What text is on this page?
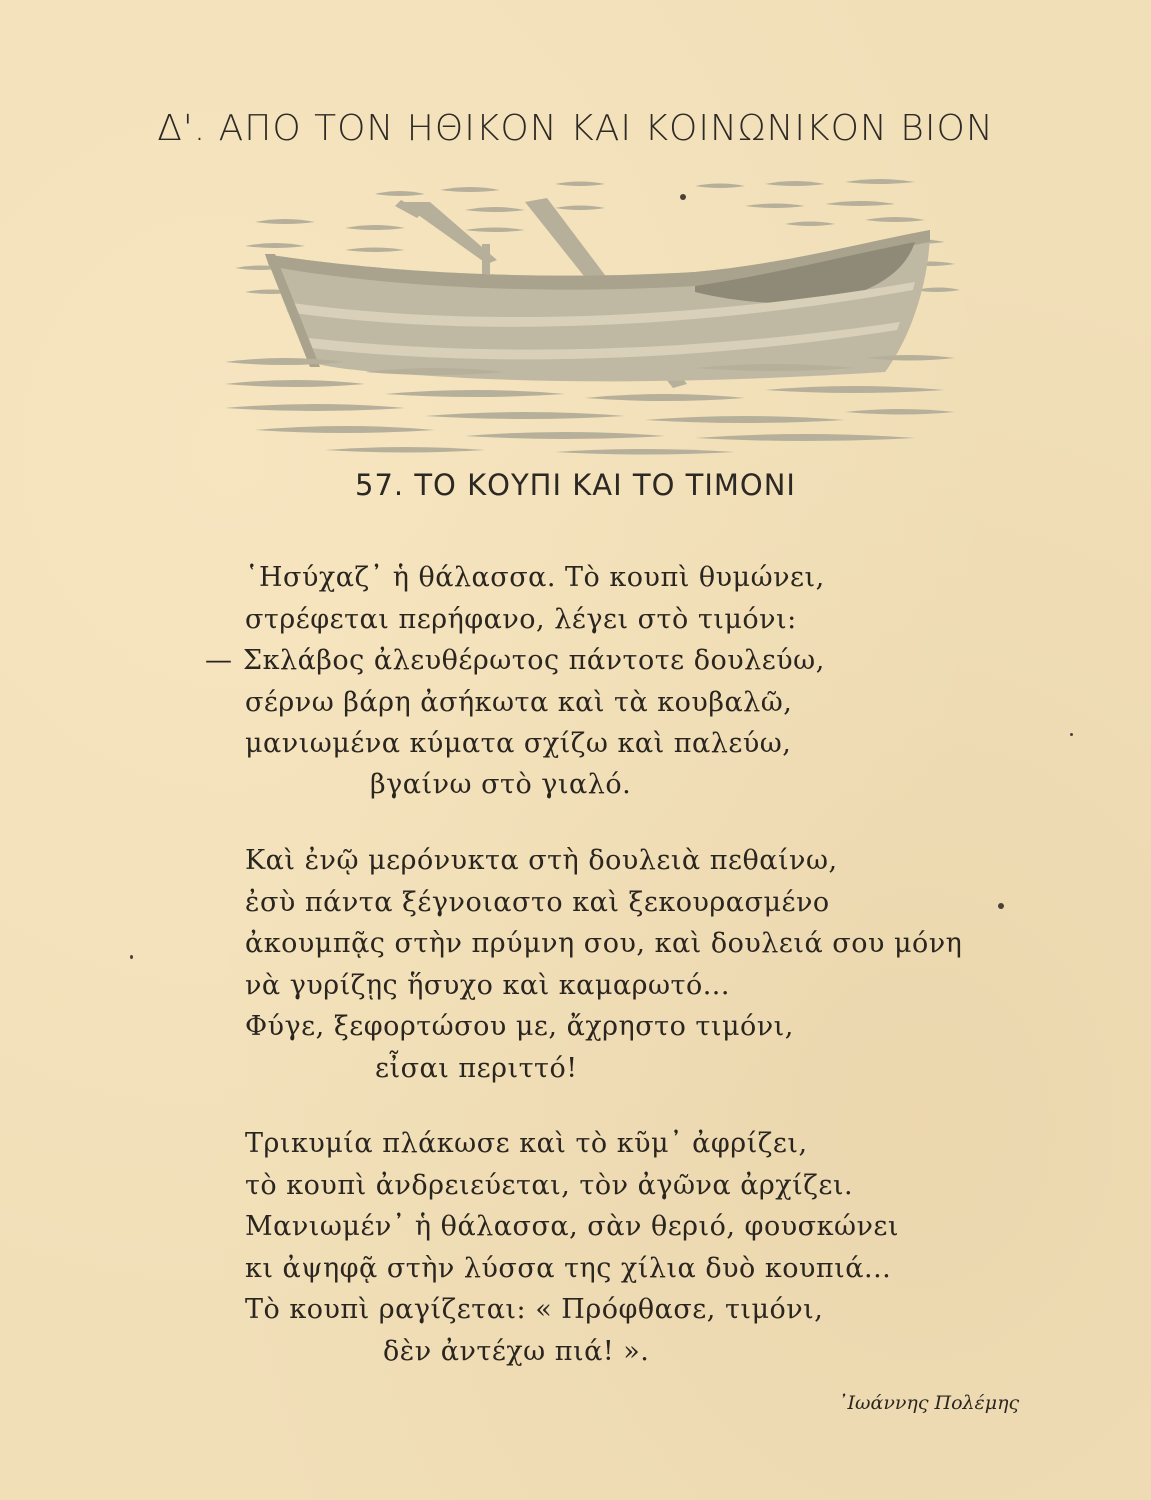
Δ'. ΑΠΟ ΤΟΝ ΗΘΙΚΟΝ ΚΑΙ ΚΟΙΝΩΝΙΚΟΝ ΒΙΟΝ
57. ΤΟ ΚΟΥΠΙ ΚΑΙ ΤΟ ΤΙΜΟΝΙ
῾Ησύχαζ᾽ ἡ θάλασσα. Τὸ κουπὶ θυμώνει,
στρέφεται περήφανο, λέγει στὸ τιμόνι:
— Σκλάβος ἀλευθέρωτος πάντοτε δουλεύω,
σέρνω βάρη ἀσήκωτα καὶ τὰ κουβαλῶ,
μανιωμένα κύματα σχίζω καὶ παλεύω,
βγαίνω στὸ γιαλό.
Καὶ ἐνῷ μερόνυκτα στὴ δουλειὰ πεθαίνω,
ἐσὺ πάντα ξέγνοιαστο καὶ ξεκουρασμένο
ἀκουμπᾷς στὴν πρύμνη σου, καὶ δουλειά σου μόνη
νὰ γυρίζῃς ἥσυχο καὶ καμαρωτό...
Φύγε, ξεφορτώσου με, ἄχρηστο τιμόνι,
εἶσαι περιττό!
Τρικυμία πλάκωσε καὶ τὸ κῦμ᾽ ἀφρίζει,
τὸ κουπὶ ἀνδρειεύεται, τὸν ἀγῶνα ἀρχίζει.
Μανιωμέν᾽ ἡ θάλασσα, σὰν θεριό, φουσκώνει
κι ἀψηφᾷ στὴν λύσσα της χίλια δυὸ κουπιά...
Τὸ κουπὶ ραγίζεται: « Πρόφθασε, τιμόνι,
δὲν ἀντέχω πιά! ».
᾽Ιωάννης Πολέμης
